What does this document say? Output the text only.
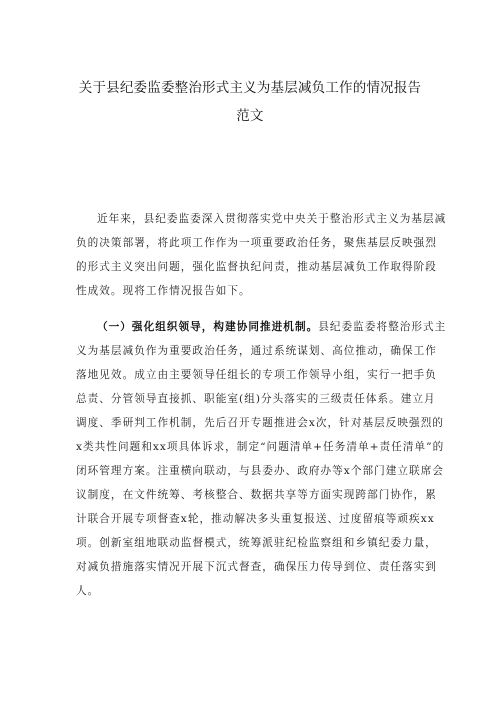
关于县纪委监委整治形式主义为基层减负工作的情况报告
范文
近年来，县纪委监委深入贯彻落实党中央关于整治形式主义为基层减
负的决策部署，将此项工作作为一项重要政治任务，聚焦基层反映强烈
的形式主义突出问题，强化监督执纪问责，推动基层减负工作取得阶段
性成效。现将工作情况报告如下。
（一）强化组织领导，构建协同推进机制。县纪委监委将整治形式主
义为基层减负作为重要政治任务，通过系统谋划、高位推动，确保工作
落地见效。成立由主要领导任组长的专项工作领导小组，实行一把手负
总责、分管领导直接抓、职能室(组)分头落实的三级责任体系。建立月
调度、季研判工作机制，先后召开专题推进会x次，针对基层反映强烈的
x类共性问题和xx项具体诉求，制定“问题清单+任务清单+责任清单”的
闭环管理方案。注重横向联动，与县委办、政府办等x个部门建立联席会
议制度，在文件统筹、考核整合、数据共享等方面实现跨部门协作，累
计联合开展专项督查x轮，推动解决多头重复报送、过度留痕等顽疾xx
项。创新室组地联动监督模式，统筹派驻纪检监察组和乡镇纪委力量，
对减负措施落实情况开展下沉式督查，确保压力传导到位、责任落实到
人。
